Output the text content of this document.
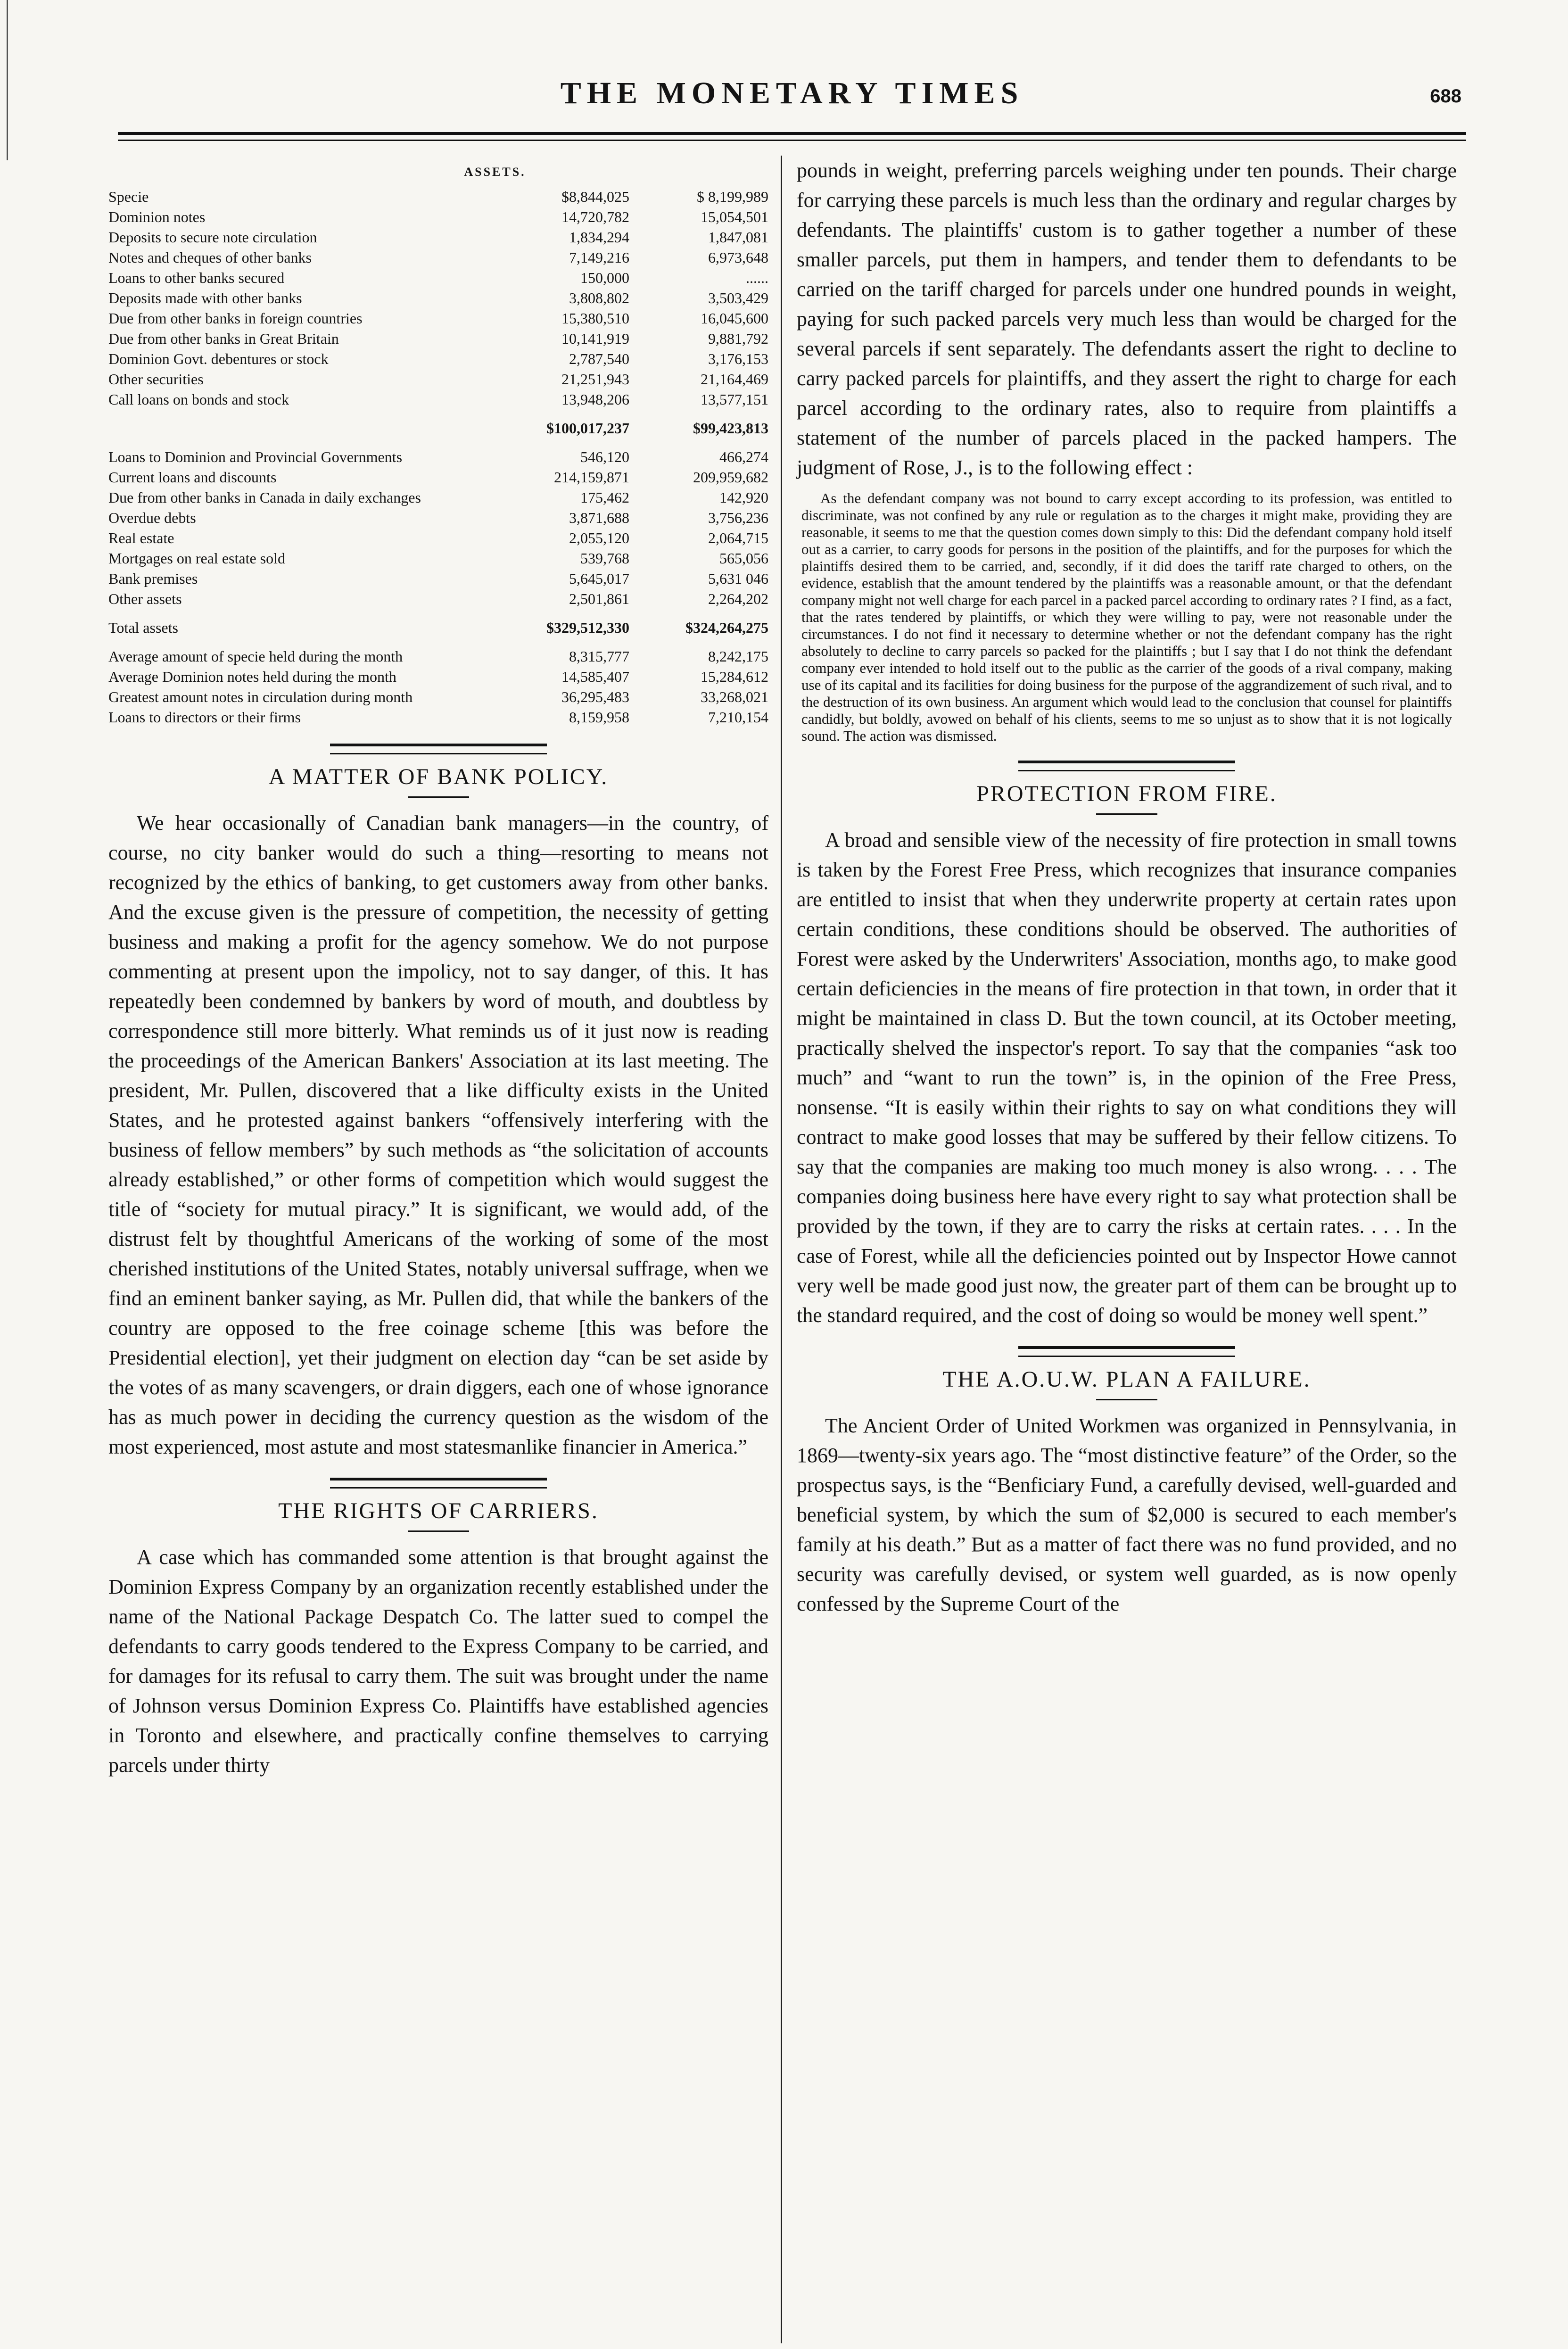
THE MONETARY TIMES	688
ASSETS.
Specie	$8,844,025	$ 8,199,989
Dominion notes	14,720,782	15,054,501
Deposits to secure note circulation	1,834,294	1,847,081
Notes and cheques of other banks	7,149,216	6,973,648
Loans to other banks secured	150,000	......
Deposits made with other banks	3,808,802	3,503,429
Due from other banks in foreign countries	15,380,510	16,045,600
Due from other banks in Great Britain	10,141,919	9,881,792
Dominion Govt. debentures or stock	2,787,540	3,176,153
Other securities	21,251,943	21,164,469
Call loans on bonds and stock	13,948,206	13,577,151

	$100,017,237	$99,423,813

Loans to Dominion and Provincial Governments	546,120	466,274
Current loans and discounts	214,159,871	209,959,682
Due from other banks in Canada in daily exchanges	175,462	142,920
Overdue debts	3,871,688	3,756,236
Real estate	2,055,120	2,064,715
Mortgages on real estate sold	539,768	565,056
Bank premises	5,645,017	5,631 046
Other assets	2,501,861	2,264,202

Total assets	$329,512,330	$324,264,275

Average amount of specie held during the month	8,315,777	8,242,175
Average Dominion notes held during the month	14,585,407	15,284,612
Greatest amount notes in circulation during month	36,295,483	33,268,021
Loans to directors or their firms	8,159,958	7,210,154
A MATTER OF BANK POLICY.

We hear occasionally of Canadian bank managers—in the country, of course, no city banker would do such a thing—resorting to means not recognized by the ethics of banking, to get customers away from other banks. And the excuse given is the pressure of competition, the necessity of getting business and making a profit for the agency somehow. We do not purpose commenting at present upon the impolicy, not to say danger, of this. It has repeatedly been condemned by bankers by word of mouth, and doubtless by correspondence still more bitterly. What reminds us of it just now is reading the proceedings of the American Bankers' Association at its last meeting. The president, Mr. Pullen, discovered that a like difficulty exists in the United States, and he protested against bankers “offensively interfering with the business of fellow members” by such methods as “the solicitation of accounts already established,” or other forms of competition which would suggest the title of “society for mutual piracy.” It is significant, we would add, of the distrust felt by thoughtful Americans of the working of some of the most cherished institutions of the United States, notably universal suffrage, when we find an eminent banker saying, as Mr. Pullen did, that while the bankers of the country are opposed to the free coinage scheme [this was before the Presidential election], yet their judgment on election day “can be set aside by the votes of as many scavengers, or drain diggers, each one of whose ignorance has as much power in deciding the currency question as the wisdom of the most experienced, most astute and most statesmanlike financier in America.”

THE RIGHTS OF CARRIERS.

A case which has commanded some attention is that brought against the Dominion Express Company by an organization recently established under the name of the National Package Despatch Co. The latter sued to compel the defendants to carry goods tendered to the Express Company to be carried, and for damages for its refusal to carry them. The suit was brought under the name of Johnson versus Dominion Express Co. Plaintiffs have established agencies in Toronto and elsewhere, and practically confine themselves to carrying parcels under thirty

pounds in weight, preferring parcels weighing under ten pounds. Their charge for carrying these parcels is much less than the ordinary and regular charges by defendants. The plaintiffs' custom is to gather together a number of these smaller parcels, put them in hampers, and tender them to defendants to be carried on the tariff charged for parcels under one hundred pounds in weight, paying for such packed parcels very much less than would be charged for the several parcels if sent separately. The defendants assert the right to decline to carry packed parcels for plaintiffs, and they assert the right to charge for each parcel according to the ordinary rates, also to require from plaintiffs a statement of the number of parcels placed in the packed hampers. The judgment of Rose, J., is to the following effect :

As the defendant company was not bound to carry except according to its profession, was entitled to discriminate, was not confined by any rule or regulation as to the charges it might make, providing they are reasonable, it seems to me that the question comes down simply to this: Did the defendant company hold itself out as a carrier, to carry goods for persons in the position of the plaintiffs, and for the purposes for which the plaintiffs desired them to be carried, and, secondly, if it did does the tariff rate charged to others, on the evidence, establish that the amount tendered by the plaintiffs was a reasonable amount, or that the defendant company might not well charge for each parcel in a packed parcel according to ordinary rates ? I find, as a fact, that the rates tendered by plaintiffs, or which they were willing to pay, were not reasonable under the circumstances. I do not find it necessary to determine whether or not the defendant company has the right absolutely to decline to carry parcels so packed for the plaintiffs ; but I say that I do not think the defendant company ever intended to hold itself out to the public as the carrier of the goods of a rival company, making use of its capital and its facilities for doing business for the purpose of the aggrandizement of such rival, and to the destruction of its own business. An argument which would lead to the conclusion that counsel for plaintiffs candidly, but boldly, avowed on behalf of his clients, seems to me so unjust as to show that it is not logically sound. The action was dismissed.

PROTECTION FROM FIRE.

A broad and sensible view of the necessity of fire protection in small towns is taken by the Forest Free Press, which recognizes that insurance companies are entitled to insist that when they underwrite property at certain rates upon certain conditions, these conditions should be observed. The authorities of Forest were asked by the Underwriters' Association, months ago, to make good certain deficiencies in the means of fire protection in that town, in order that it might be maintained in class D. But the town council, at its October meeting, practically shelved the inspector's report. To say that the companies “ask too much” and “want to run the town” is, in the opinion of the Free Press, nonsense. “It is easily within their rights to say on what conditions they will contract to make good losses that may be suffered by their fellow citizens. To say that the companies are making too much money is also wrong. . . . The companies doing business here have every right to say what protection shall be provided by the town, if they are to carry the risks at certain rates. . . . In the case of Forest, while all the deficiencies pointed out by Inspector Howe cannot very well be made good just now, the greater part of them can be brought up to the standard required, and the cost of doing so would be money well spent.”

THE A.O.U.W. PLAN A FAILURE.

The Ancient Order of United Workmen was organized in Pennsylvania, in 1869—twenty-six years ago. The “most distinctive feature” of the Order, so the prospectus says, is the “Benficiary Fund, a carefully devised, well-guarded and beneficial system, by which the sum of $2,000 is secured to each member's family at his death.” But as a matter of fact there was no fund provided, and no security was carefully devised, or system well guarded, as is now openly confessed by the Supreme Court of the
